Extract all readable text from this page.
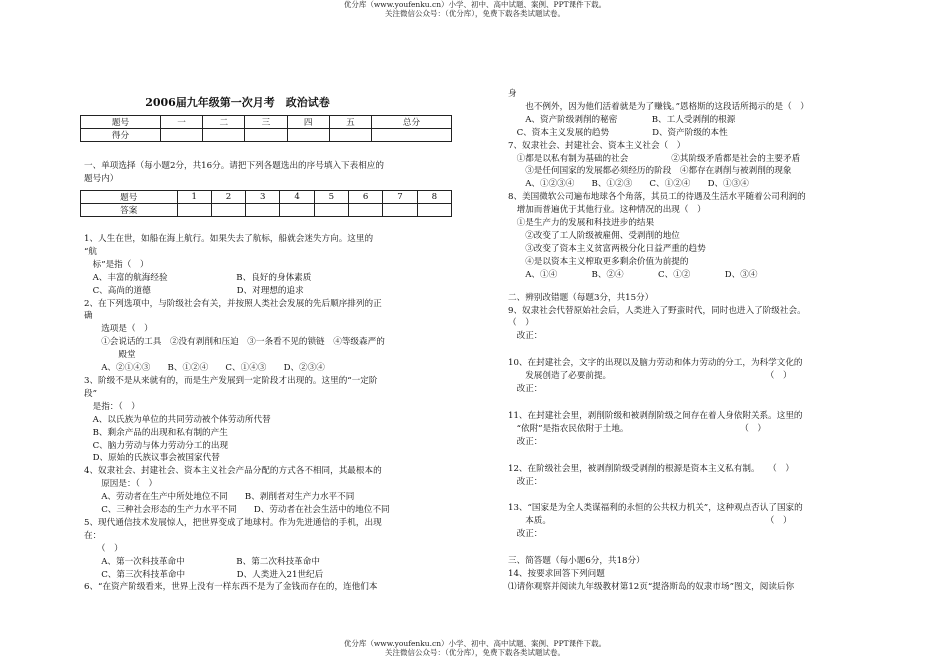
优分库（www.youfenku.cn）小学、初中、高中试题、案例、PPT课件下载。
关注微信公众号：（优分库），免费下载各类试题试卷。
2006届九年级第一次月考　政治试卷
题号	一	二	三	四	五	总分
得分						

一、单项选择（每小题2分，共16分。请把下列各题选出的序号填入下表相应的

题号内）

题号	1	2	3	4	5	6	7	8
答案								

1、人生在世，如船在海上航行。如果失去了航标，船就会迷失方向。这里的

“航

　标”是指（　）

　A、丰富的航海经验　　　　　　　　B、良好的身体素质

　C、高尚的道德　　　　　　　　　　D、对理想的追求

2、在下列选项中，与阶级社会有关，并按照人类社会发展的先后顺序排列的正

确

　　选项是（　）

　　①会说话的工具　②没有剥削和压迫　③一条看不见的锁链　④等级森严的

　　　　殿堂

　　A、②①④③　　B、①②④　　C、①④③　　D、②③④

3、阶级不是从来就有的，而是生产发展到一定阶段才出现的。这里的“一定阶

段”

　是指：（　）

　A、以氏族为单位的共同劳动被个体劳动所代替

　B、剩余产品的出现和私有制的产生

　C、脑力劳动与体力劳动分工的出现

　D、原始的氏族议事会被国家代替

4、奴隶社会、封建社会、资本主义社会产品分配的方式各不相同，其最根本的

　　原因是：（　）

　　A、劳动者在生产中所处地位不同　　B、剥削者对生产力水平不同

　　C、三种社会形态的生产力水平不同　　D、劳动者在社会生活中的地位不同

5、现代通信技术发展惊人，把世界变成了地球村。作为先进通信的手机，出现

在：

　　（　）

　　A、第一次科技革命中　　　　　　B、第二次科技革命中

　　C、第三次科技革命中　　　　　　D、人类进入21世纪后

6、“在资产阶级看来，世界上没有一样东西不是为了金钱而存在的，连他们本

身

　　也不例外，因为他们活着就是为了赚钱。”恩格斯的这段话所揭示的是（　）

　　A、资产阶级剥削的秘密　　　　B、工人受剥削的根源

　C、资本主义发展的趋势　　　　　D、资产阶级的本性

7、奴隶社会、封建社会、资本主义社会（　）

　①都是以私有制为基础的社会　　　　　②其阶级矛盾都是社会的主要矛盾

　　③是任何国家的发展都必须经历的阶段　④都存在剥削与被剥削的现象

　　A、①②③④　　B、①②③　　C、①②④　　D、①③④

8、美国微软公司遍布地球各个角落，其员工的待遇及生活水平随着公司利润的

　增加而普遍优于其他行业。这种情况的出现（　）

　①是生产力的发展和科技进步的结果

　　②改变了工人阶级被雇佣、受剥削的地位

　　③改变了资本主义贫富两极分化日益严重的趋势

　　④是以资本主义榨取更多剩余价值为前提的

　　A、①④　　　　B、②④　　　　C、①②　　　　D、③④

二、辨别改错题（每题3分，共15分）

9、奴隶社会代替原始社会后，人类进入了野蛮时代，同时也进入了阶级社会。

（　）

　改正：

10、在封建社会，文字的出现以及脑力劳动和体力劳动的分工，为科学文化的

　　发展创造了必要前提。　　　　　　　　　　　　　　　　　　　（　）

　改正：

11、在封建社会里，剥削阶级和被剥削阶级之间存在着人身依附关系。这里的

　“依附”是指农民依附于土地。　　　　　　　　　　　　　　（　）

　改正：

12、在阶级社会里，被剥削阶级受剥削的根源是资本主义私有制。　　（　）

　改正：

13、“国家是为全人类谋福利的永恒的公共权力机关”，这种观点否认了国家的

　　本质。　　　　　　　　　　　　　　　　　　　　　　　　　　（　）

　改正：

三、简答题（每小题6分，共18分）

14、按要求回答下列问题

⑴请你观察并阅读九年级教材第12页“提洛斯岛的奴隶市场”图文，阅读后你

优分库（www.youfenku.cn）小学、初中、高中试题、案例、PPT课件下载。
关注微信公众号：（优分库），免费下载各类试题试卷。
